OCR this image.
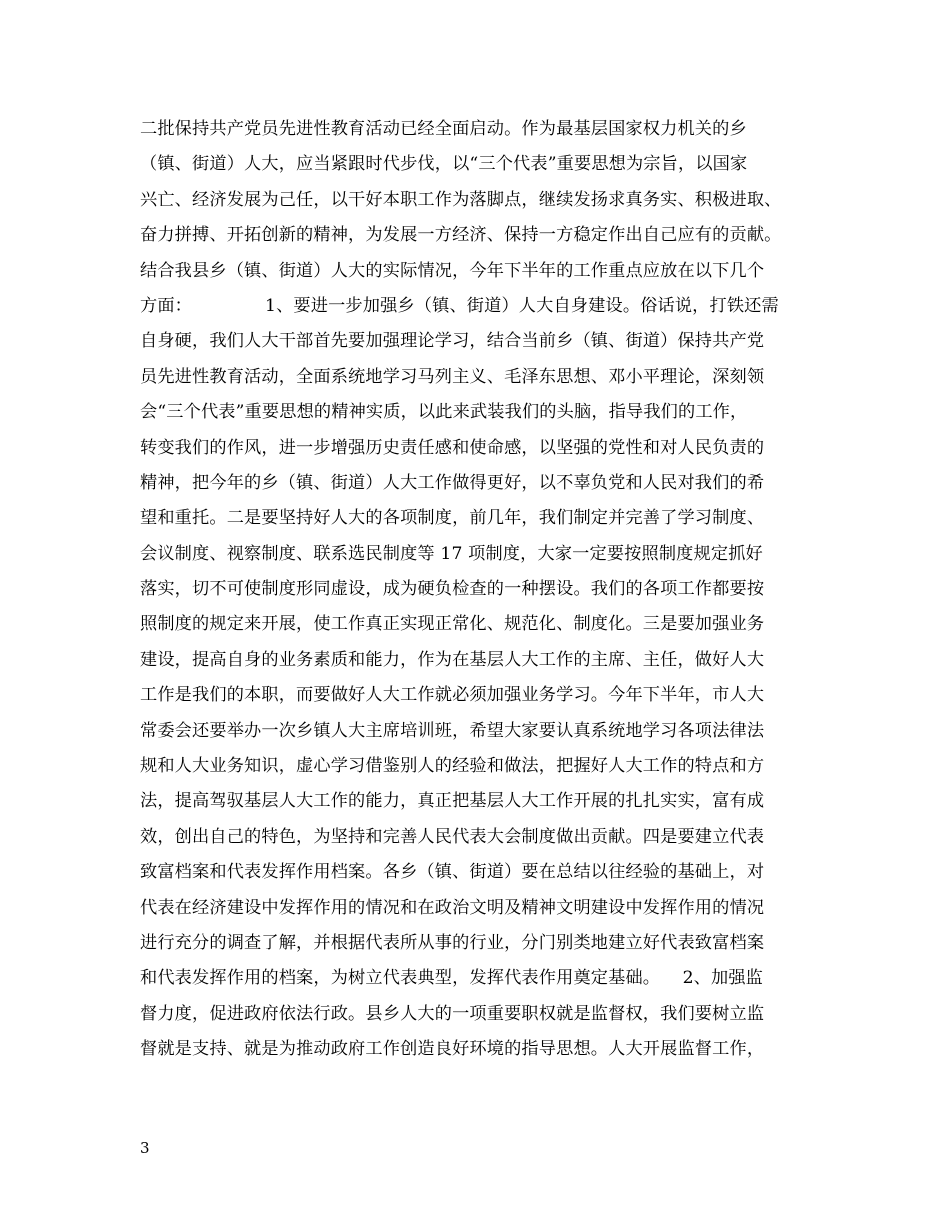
二批保持共产党员先进性教育活动已经全面启动。作为最基层国家权力机关的乡
（镇、街道）人大，应当紧跟时代步伐，以“三个代表”重要思想为宗旨，以国家
兴亡、经济发展为己任，以干好本职工作为落脚点，继续发扬求真务实、积极进取、
奋力拼搏、开拓创新的精神，为发展一方经济、保持一方稳定作出自己应有的贡献。
结合我县乡（镇、街道）人大的实际情况，今年下半年的工作重点应放在以下几个
方面：             1、要进一步加强乡（镇、街道）人大自身建设。俗话说，打铁还需
自身硬，我们人大干部首先要加强理论学习，结合当前乡（镇、街道）保持共产党
员先进性教育活动，全面系统地学习马列主义、毛泽东思想、邓小平理论，深刻领
会“三个代表”重要思想的精神实质，以此来武装我们的头脑，指导我们的工作，
转变我们的作风，进一步增强历史责任感和使命感，以坚强的党性和对人民负责的
精神，把今年的乡（镇、街道）人大工作做得更好，以不辜负党和人民对我们的希
望和重托。二是要坚持好人大的各项制度，前几年，我们制定并完善了学习制度、
会议制度、视察制度、联系选民制度等 17 项制度，大家一定要按照制度规定抓好
落实，切不可使制度形同虚设，成为硬负检查的一种摆设。我们的各项工作都要按
照制度的规定来开展，使工作真正实现正常化、规范化、制度化。三是要加强业务
建设，提高自身的业务素质和能力，作为在基层人大工作的主席、主任，做好人大
工作是我们的本职，而要做好人大工作就必须加强业务学习。今年下半年，市人大
常委会还要举办一次乡镇人大主席培训班，希望大家要认真系统地学习各项法律法
规和人大业务知识，虚心学习借鉴别人的经验和做法，把握好人大工作的特点和方
法，提高驾驭基层人大工作的能力，真正把基层人大工作开展的扎扎实实，富有成
效，创出自己的特色，为坚持和完善人民代表大会制度做出贡献。四是要建立代表
致富档案和代表发挥作用档案。各乡（镇、街道）要在总结以往经验的基础上，对
代表在经济建设中发挥作用的情况和在政治文明及精神文明建设中发挥作用的情况
进行充分的调查了解，并根据代表所从事的行业，分门别类地建立好代表致富档案
和代表发挥作用的档案，为树立代表典型，发挥代表作用奠定基础。    2、加强监
督力度，促进政府依法行政。县乡人大的一项重要职权就是监督权，我们要树立监
督就是支持、就是为推动政府工作创造良好环境的指导思想。人大开展监督工作，
3
